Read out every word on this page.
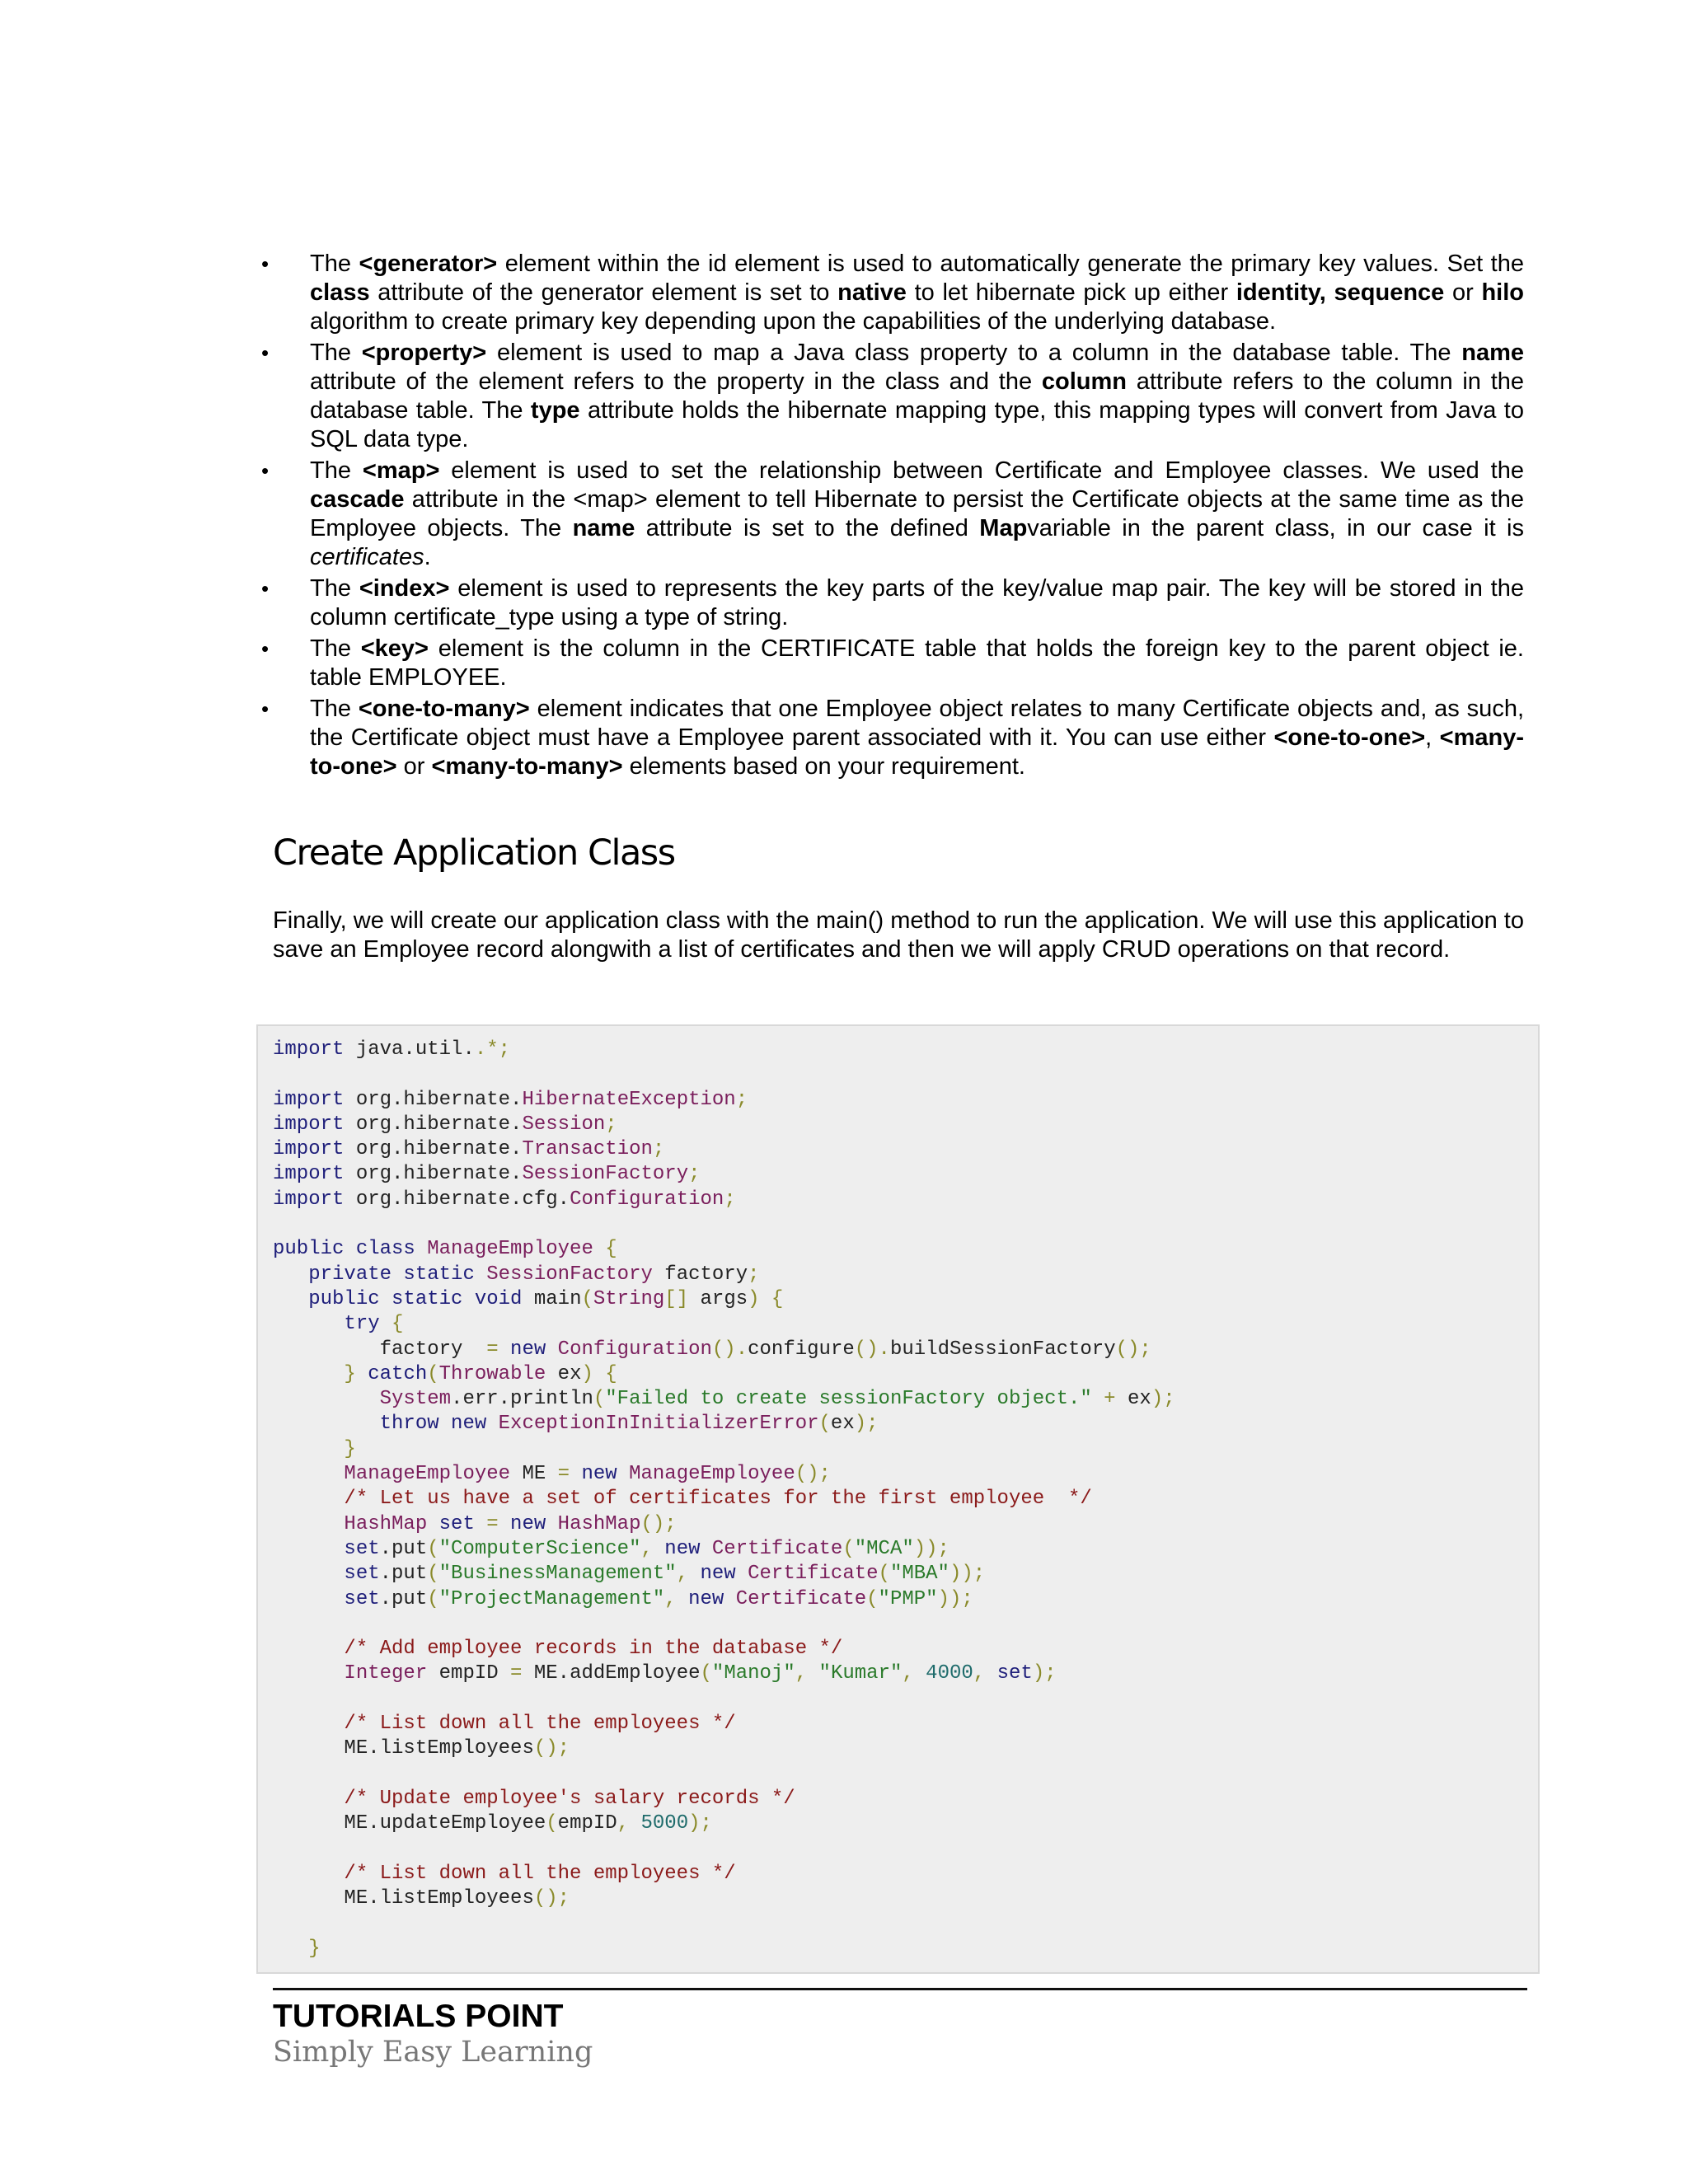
• The <generator> element within the id element is used to automatically generate the primary key values. Set the class attribute of the generator element is set to native to let hibernate pick up either identity, sequence or hilo algorithm to create primary key depending upon the capabilities of the underlying database.
• The <property> element is used to map a Java class property to a column in the database table. The name attribute of the element refers to the property in the class and the column attribute refers to the column in the database table. The type attribute holds the hibernate mapping type, this mapping types will convert from Java to SQL data type.
• The <map> element is used to set the relationship between Certificate and Employee classes. We used the cascade attribute in the <map> element to tell Hibernate to persist the Certificate objects at the same time as the Employee objects. The name attribute is set to the defined Mapvariable in the parent class, in our case it is certificates.
• The <index> element is used to represents the key parts of the key/value map pair. The key will be stored in the column certificate_type using a type of string.
• The <key> element is the column in the CERTIFICATE table that holds the foreign key to the parent object ie. table EMPLOYEE.
• The <one-to-many> element indicates that one Employee object relates to many Certificate objects and, as such, the Certificate object must have a Employee parent associated with it. You can use either <one-to-one>, <many-to-one> or <many-to-many> elements based on your requirement.
Create Application Class

Finally, we will create our application class with the main() method to run the application. We will use this application to save an Employee record alongwith a list of certificates and then we will apply CRUD operations on that record.

import java.util..*;

import org.hibernate.HibernateException;
import org.hibernate.Session;
import org.hibernate.Transaction;
import org.hibernate.SessionFactory;
import org.hibernate.cfg.Configuration;

public class ManageEmployee {
private static SessionFactory factory;
public static void main(String[] args) {
try {
factory  = new Configuration().configure().buildSessionFactory();
} catch(Throwable ex) {
System.err.println("Failed to create sessionFactory object." + ex);
throw new ExceptionInInitializerError(ex);
}
ManageEmployee ME = new ManageEmployee();
/* Let us have a set of certificates for the first employee  */
HashMap set = new HashMap();
set.put("ComputerScience", new Certificate("MCA"));
set.put("BusinessManagement", new Certificate("MBA"));
set.put("ProjectManagement", new Certificate("PMP"));

/* Add employee records in the database */
Integer empID = ME.addEmployee("Manoj", "Kumar", 4000, set);

/* List down all the employees */
ME.listEmployees();

/* Update employee's salary records */
ME.updateEmployee(empID, 5000);

/* List down all the employees */
ME.listEmployees();

}

TUTORIALS POINT

Simply Easy Learning
